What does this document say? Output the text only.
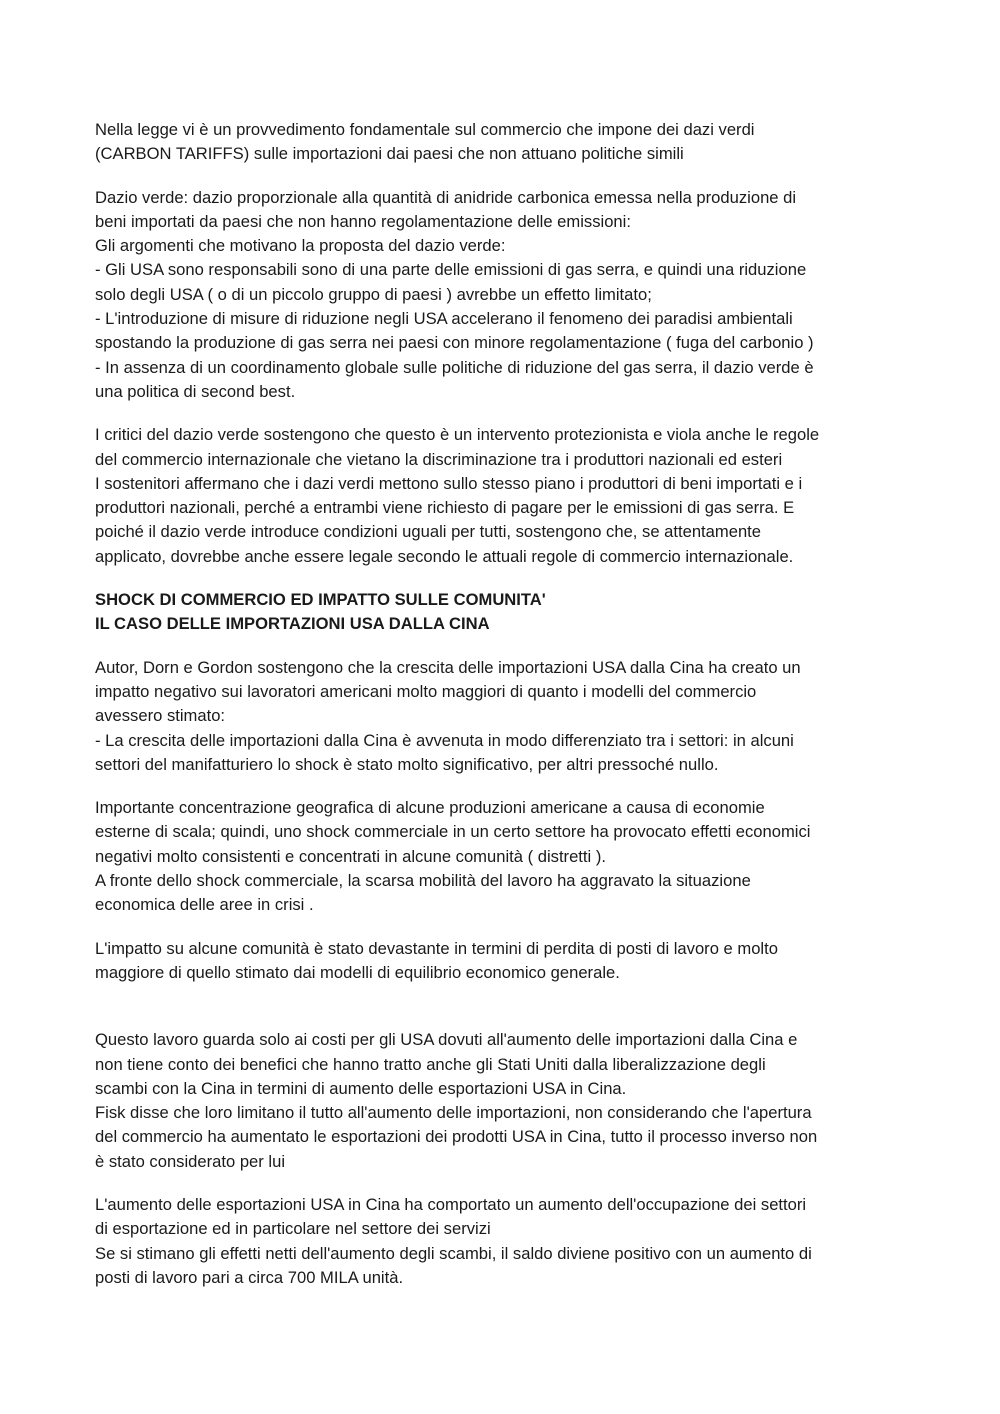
Nella legge vi è un provvedimento fondamentale sul commercio che impone dei dazi verdi
(CARBON TARIFFS) sulle importazioni dai paesi che non attuano politiche simili
Dazio verde: dazio proporzionale alla quantità di anidride carbonica emessa nella produzione di
beni importati da paesi che non hanno regolamentazione delle emissioni:
Gli argomenti che motivano la proposta del dazio verde:
- Gli USA sono responsabili sono di una parte delle emissioni di gas serra, e quindi una riduzione
solo degli USA ( o di un piccolo gruppo di paesi ) avrebbe un effetto limitato;
- L'introduzione di misure di riduzione negli USA accelerano il fenomeno dei paradisi ambientali
spostando la produzione di gas serra nei paesi con minore regolamentazione ( fuga del carbonio )
- In assenza di un coordinamento globale sulle politiche di riduzione del gas serra, il dazio verde è
una politica di second best.
I critici del dazio verde sostengono che questo è un intervento protezionista e viola anche le regole
del commercio internazionale che vietano la discriminazione tra i produttori nazionali ed esteri
I sostenitori affermano che i dazi verdi mettono sullo stesso piano i produttori di beni importati e i
produttori nazionali, perché a entrambi viene richiesto di pagare per le emissioni di gas serra. E
poiché il dazio verde introduce condizioni uguali per tutti, sostengono che, se attentamente
applicato, dovrebbe anche essere legale secondo le attuali regole di commercio internazionale.
SHOCK DI COMMERCIO ED IMPATTO SULLE COMUNITA'
IL CASO DELLE IMPORTAZIONI USA DALLA CINA
Autor, Dorn e Gordon sostengono che la crescita delle importazioni USA dalla Cina ha creato un
impatto negativo sui lavoratori americani molto maggiori di quanto i modelli del commercio
avessero stimato:
- La crescita delle importazioni dalla Cina è avvenuta in modo differenziato tra i settori: in alcuni
settori del manifatturiero lo shock è stato molto significativo, per altri pressoché nullo.
Importante concentrazione geografica di alcune produzioni americane a causa di economie
esterne di scala; quindi, uno shock commerciale in un certo settore ha provocato effetti economici
negativi molto consistenti e concentrati in alcune comunità ( distretti ).
A fronte dello shock commerciale, la scarsa mobilità del lavoro ha aggravato la situazione
economica delle aree in crisi .
L'impatto su alcune comunità è stato devastante in termini di perdita di posti di lavoro e molto
maggiore di quello stimato dai modelli di equilibrio economico generale.
Questo lavoro guarda solo ai costi per gli USA dovuti all'aumento delle importazioni dalla Cina e
non tiene conto dei benefici che hanno tratto anche gli Stati Uniti dalla liberalizzazione degli
scambi con la Cina in termini di aumento delle esportazioni USA in Cina.
Fisk disse che loro limitano il tutto all'aumento delle importazioni, non considerando che l'apertura
del commercio ha aumentato le esportazioni dei prodotti USA in Cina, tutto il processo inverso non
è stato considerato per lui
L'aumento delle esportazioni USA in Cina ha comportato un aumento dell'occupazione dei settori
di esportazione ed in particolare nel settore dei servizi
Se si stimano gli effetti netti dell'aumento degli scambi, il saldo diviene positivo con un aumento di
posti di lavoro pari a circa 700 MILA unità.
